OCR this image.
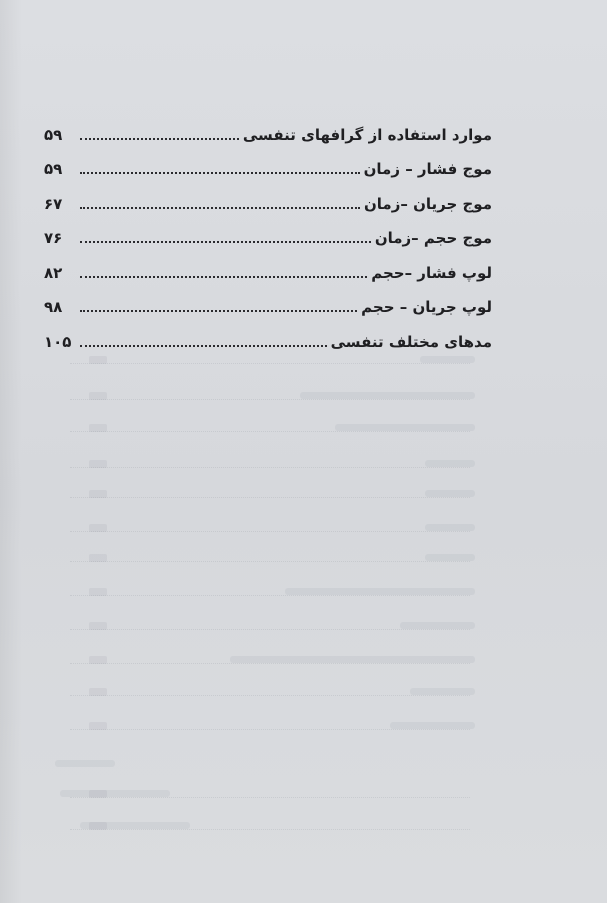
موارد استفاده از گرافهای تنفسی
۵۹
موج فشار – زمان
۵۹
موج جریان –زمان
۶۷
موج حجم –زمان
۷۶
لوپ فشار –حجم
۸۲
لوپ جریان – حجم
۹۸
مدهای مختلف تنفسی
۱۰۵
